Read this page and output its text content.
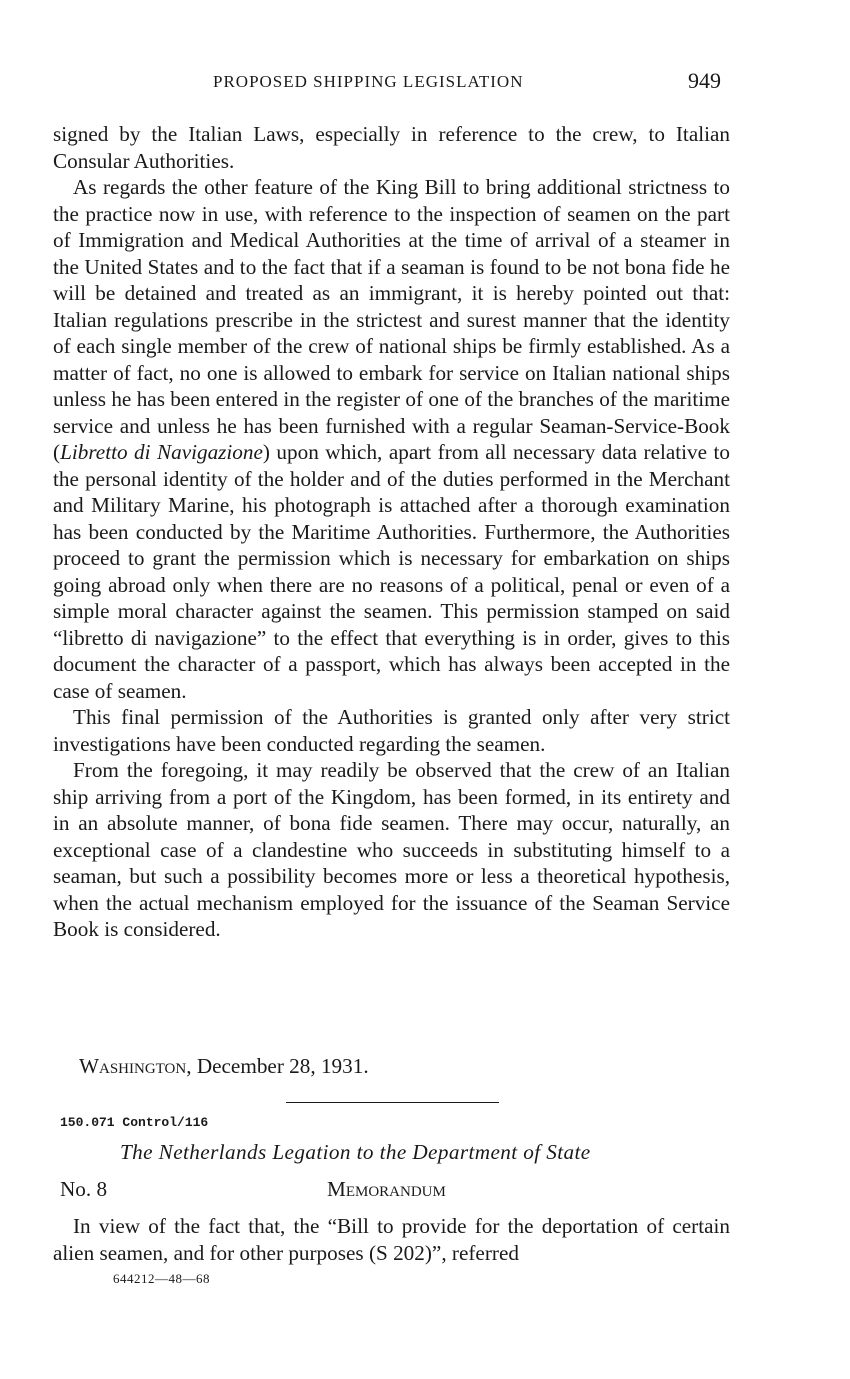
PROPOSED SHIPPING LEGISLATION	949

signed by the Italian Laws, especially in reference to the crew, to Italian Consular Authorities.

As regards the other feature of the King Bill to bring additional strictness to the practice now in use, with reference to the inspection of seamen on the part of Immigration and Medical Authorities at the time of arrival of a steamer in the United States and to the fact that if a seaman is found to be not bona fide he will be detained and treated as an immigrant, it is hereby pointed out that: Italian regulations prescribe in the strictest and surest manner that the identity of each single member of the crew of national ships be firmly established. As a matter of fact, no one is allowed to embark for service on Italian national ships unless he has been entered in the register of one of the branches of the maritime service and unless he has been furnished with a regular Seaman-Service-Book (Libretto di Navigazione) upon which, apart from all necessary data relative to the personal identity of the holder and of the duties performed in the Merchant and Military Marine, his photograph is attached after a thorough examination has been conducted by the Maritime Authorities. Furthermore, the Authorities proceed to grant the permission which is necessary for embarkation on ships going abroad only when there are no reasons of a political, penal or even of a simple moral character against the seamen. This permission stamped on said “libretto di navigazione” to the effect that everything is in order, gives to this document the character of a passport, which has always been accepted in the case of seamen.

This final permission of the Authorities is granted only after very strict investigations have been conducted regarding the seamen.

From the foregoing, it may readily be observed that the crew of an Italian ship arriving from a port of the Kingdom, has been formed, in its entirety and in an absolute manner, of bona fide seamen. There may occur, naturally, an exceptional case of a clandestine who succeeds in substituting himself to a seaman, but such a possibility becomes more or less a theoretical hypothesis, when the actual mechanism employed for the issuance of the Seaman Service Book is considered.

Washington, December 28, 1931.
150.071 Control/116
The Netherlands Legation to the Department of State
No. 8	Memorandum

In view of the fact that, the “Bill to provide for the deportation of certain alien seamen, and for other purposes (S 202)”, referred

644212—48—68
